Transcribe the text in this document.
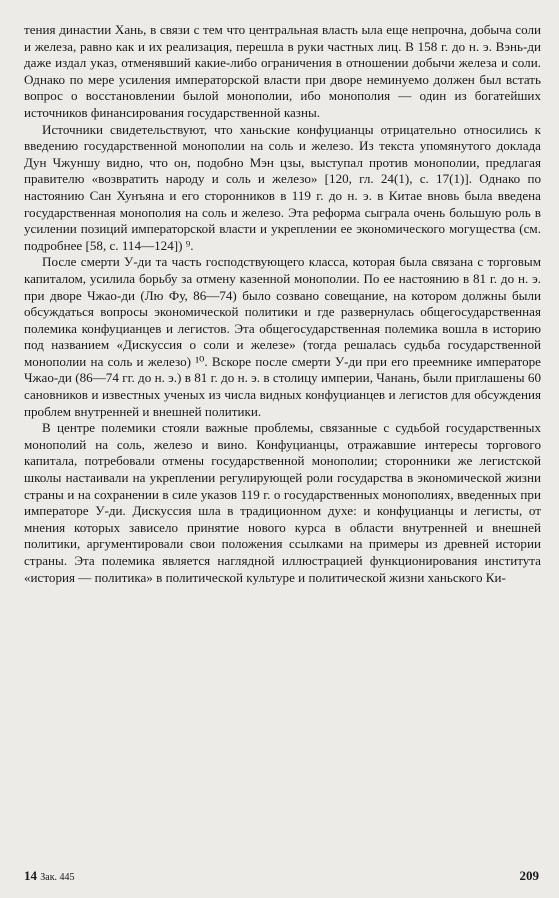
тения династии Хань, в связи с тем что центральная власть ыла еще непрочна, добыча соли и железа, равно как и их реализация, перешла в руки частных лиц. В 158 г. до н. э. Вэнь-ди даже издал указ, отменявший какие-либо ограничения в отношении добычи железа и соли. Однако по мере усиления императорской власти при дворе неминуемо должен был встать вопрос о восстановлении былой монополии, ибо монополия — один из богатейших источников финансирования государственной казны.

Источники свидетельствуют, что ханьские конфуцианцы отрицательно относились к введению государственной монополии на соль и железо. Из текста упомянутого доклада Дун Чжуншу видно, что он, подобно Мэн цзы, выступал против монополии, предлагая правителю «возвратить народу и соль и железо» [120, гл. 24(1), с. 17(1)]. Однако по настоянию Сан Хунъяна и его сторонников в 119 г. до н. э. в Китае вновь была введена государственная монополия на соль и железо. Эта реформа сыграла очень большую роль в усилении позиций императорской власти и укреплении ее экономического могущества (см. подробнее [58, с. 114—124]) ⁹.

После смерти У-ди та часть господствующего класса, которая была связана с торговым капиталом, усилила борьбу за отмену казенной монополии. По ее настоянию в 81 г. до н. э. при дворе Чжао-ди (Лю Фу, 86—74) было созвано совещание, на котором должны были обсуждаться вопросы экономической политики и где развернулась общегосударственная полемика конфуцианцев и легистов. Эта общегосударственная полемика вошла в историю под названием «Дискуссия о соли и железе» (тогда решалась судьба государственной монополии на соль и железо) ¹⁰. Вскоре после смерти У-ди при его преемнике императоре Чжао-ди (86—74 гг. до н. э.) в 81 г. до н. э. в столицу империи, Чанань, были приглашены 60 сановников и известных ученых из числа видных конфуцианцев и легистов для обсуждения проблем внутренней и внешней политики.

В центре полемики стояли важные проблемы, связанные с судьбой государственных монополий на соль, железо и вино. Конфуцианцы, отражавшие интересы торгового капитала, потребовали отмены государственной монополии; сторонники же легистской школы настаивали на укреплении регулирующей роли государства в экономической жизни страны и на сохранении в силе указов 119 г. о государственных монополиях, введенных при императоре У-ди. Дискуссия шла в традиционном духе: и конфуцианцы и легисты, от мнения которых зависело принятие нового курса в области внутренней и внешней политики, аргументировали свои положения ссылками на примеры из древней истории страны. Эта полемика является наглядной иллюстрацией функционирования института «история — политика» в политической культуре и политической жизни ханьского Ки-

14 Зак. 445	209
